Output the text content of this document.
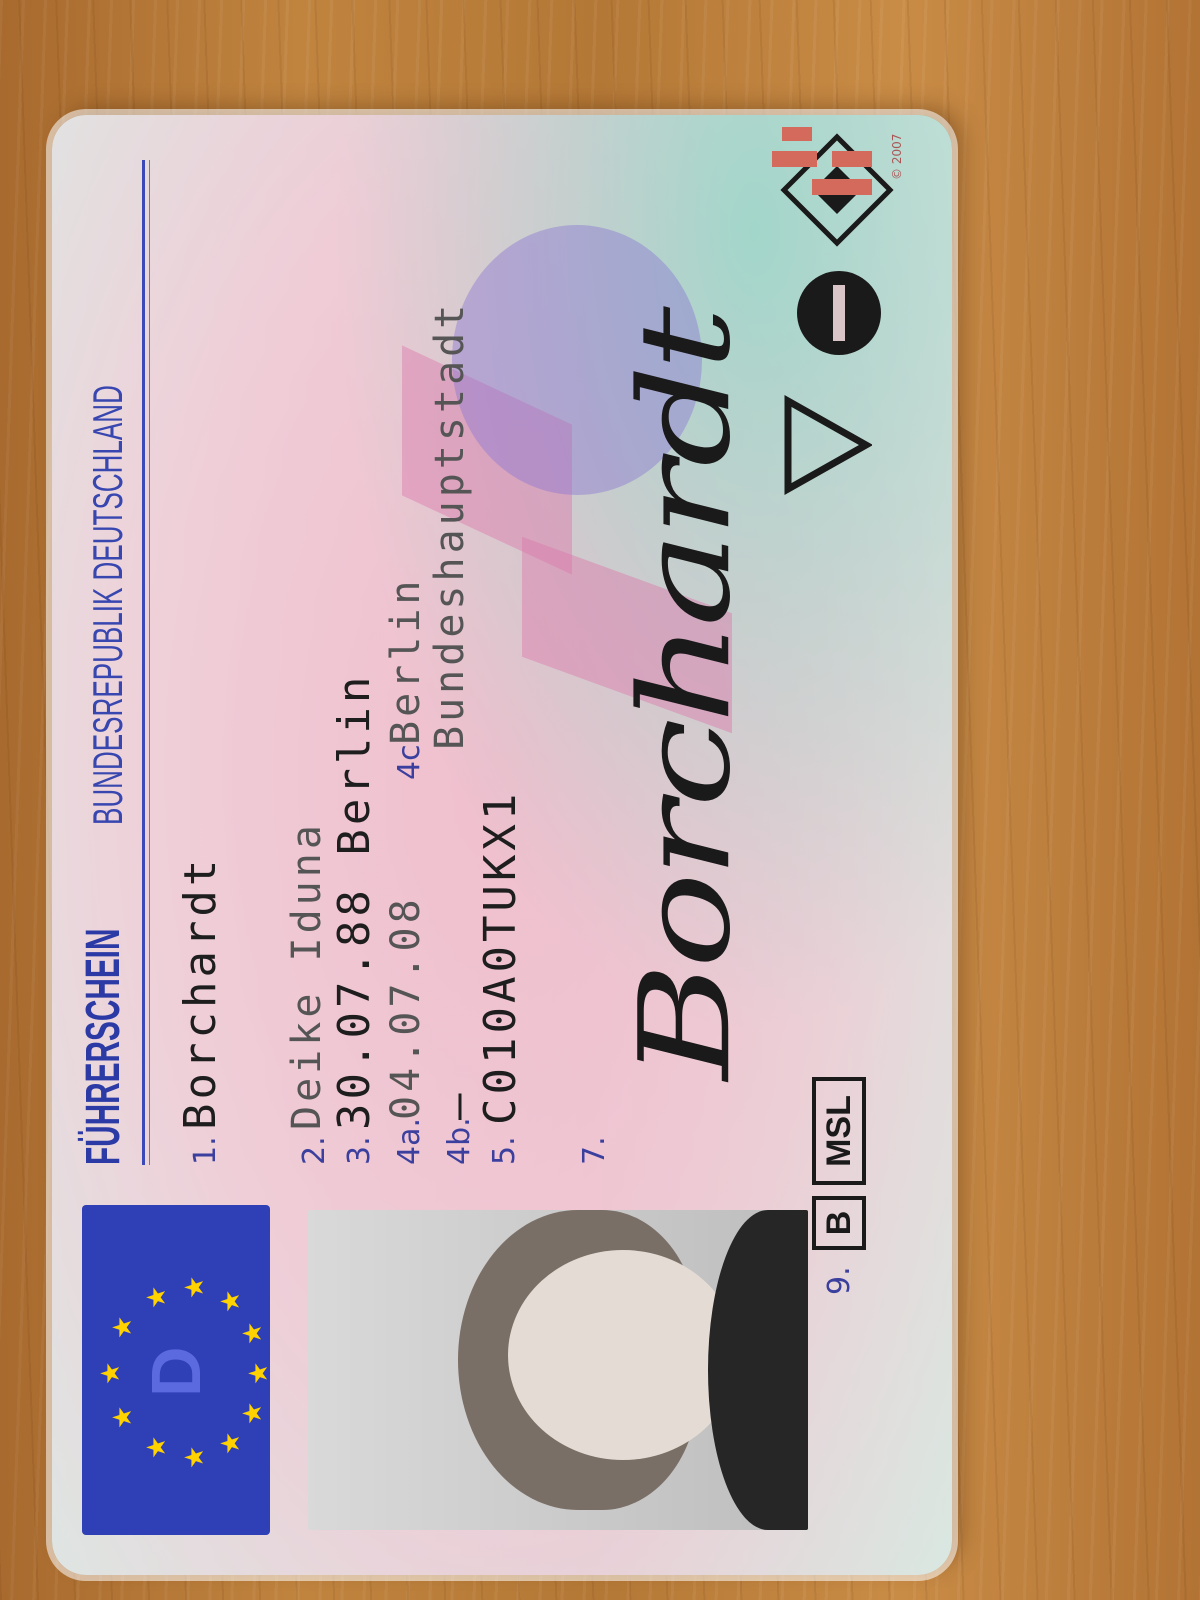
★
★
★ ★
★
★
★
★
★
★
★
★
D
FÜHRERSCHEIN
BUNDESREPUBLIK DEUTSCHLAND
1.
Borchardt
2.
Deike Iduna
3.
30.07.88 Berlin
4a.
04.07.08
4c.
Berlin
Bundeshauptstadt
4b.
—
5.
C010A0TUKX1
7.
Borchardt
9.
B
MSL
© 2007
